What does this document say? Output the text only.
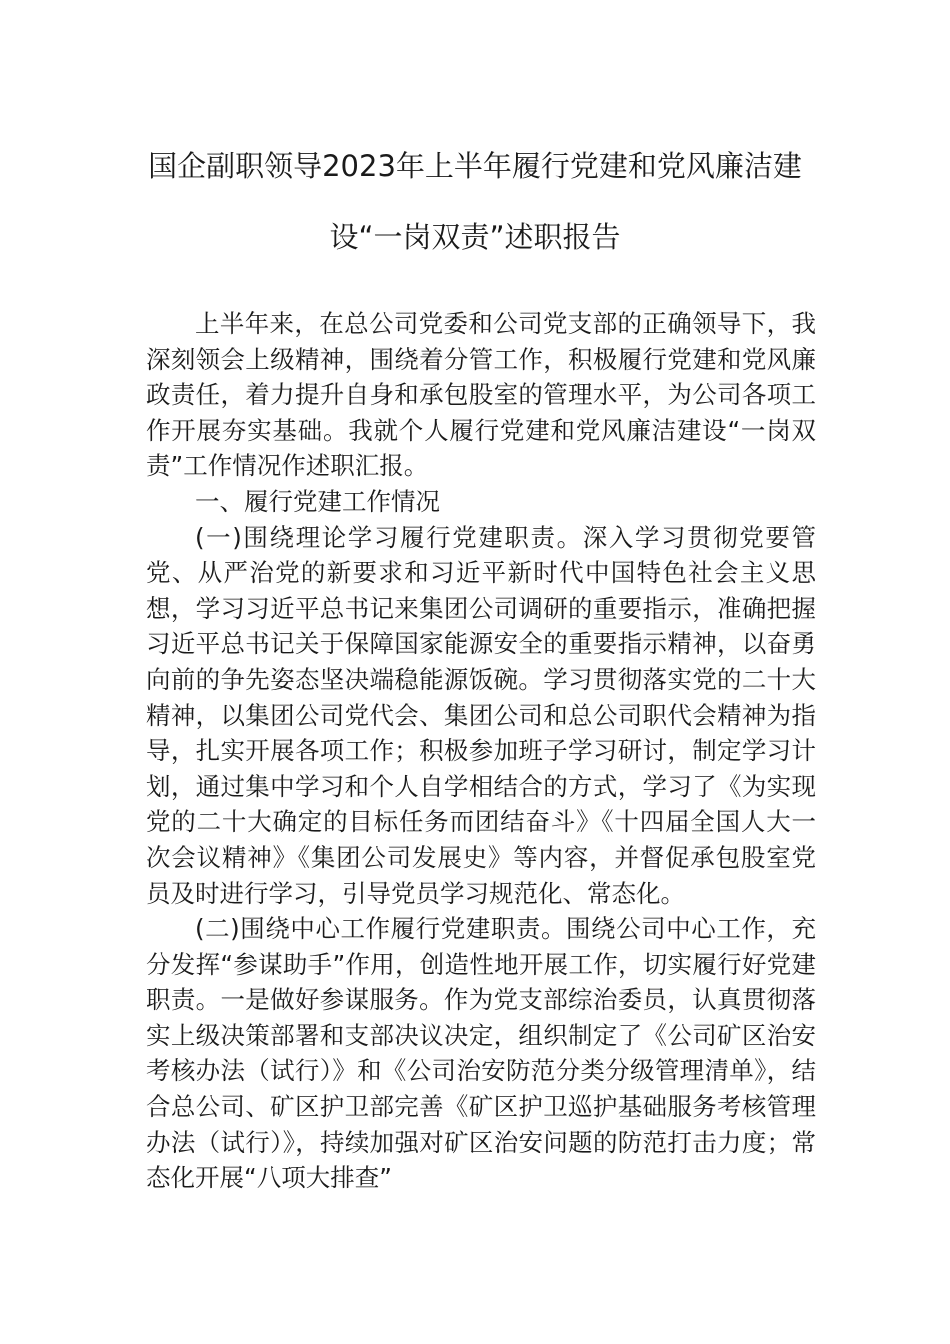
国企副职领导2023年上半年履行党建和党风廉洁建
设“一岗双责”述职报告

上半年来，在总公司党委和公司党支部的正确领导下，我深刻领会上级精神，围绕着分管工作，积极履行党建和党风廉政责任，着力提升自身和承包股室的管理水平，为公司各项工作开展夯实基础。我就个人履行党建和党风廉洁建设“一岗双责”工作情况作述职汇报。

一、履行党建工作情况

(一)围绕理论学习履行党建职责。深入学习贯彻党要管党、从严治党的新要求和习近平新时代中国特色社会主义思想，学习习近平总书记来集团公司调研的重要指示，准确把握习近平总书记关于保障国家能源安全的重要指示精神，以奋勇向前的争先姿态坚决端稳能源饭碗。学习贯彻落实党的二十大精神，以集团公司党代会、集团公司和总公司职代会精神为指导，扎实开展各项工作；积极参加班子学习研讨，制定学习计划，通过集中学习和个人自学相结合的方式，学习了《为实现党的二十大确定的目标任务而团结奋斗》《十四届全国人大一次会议精神》《集团公司发展史》等内容，并督促承包股室党员及时进行学习，引导党员学习规范化、常态化。

(二)围绕中心工作履行党建职责。围绕公司中心工作，充分发挥“参谋助手”作用，创造性地开展工作，切实履行好党建职责。一是做好参谋服务。作为党支部综治委员，认真贯彻落实上级决策部署和支部决议决定，组织制定了《公司矿区治安考核办法（试行）》和《公司治安防范分类分级管理清单》，结合总公司、矿区护卫部完善《矿区护卫巡护基础服务考核管理办法（试行）》，持续加强对矿区治安问题的防范打击力度；常态化开展“八项大排查”
